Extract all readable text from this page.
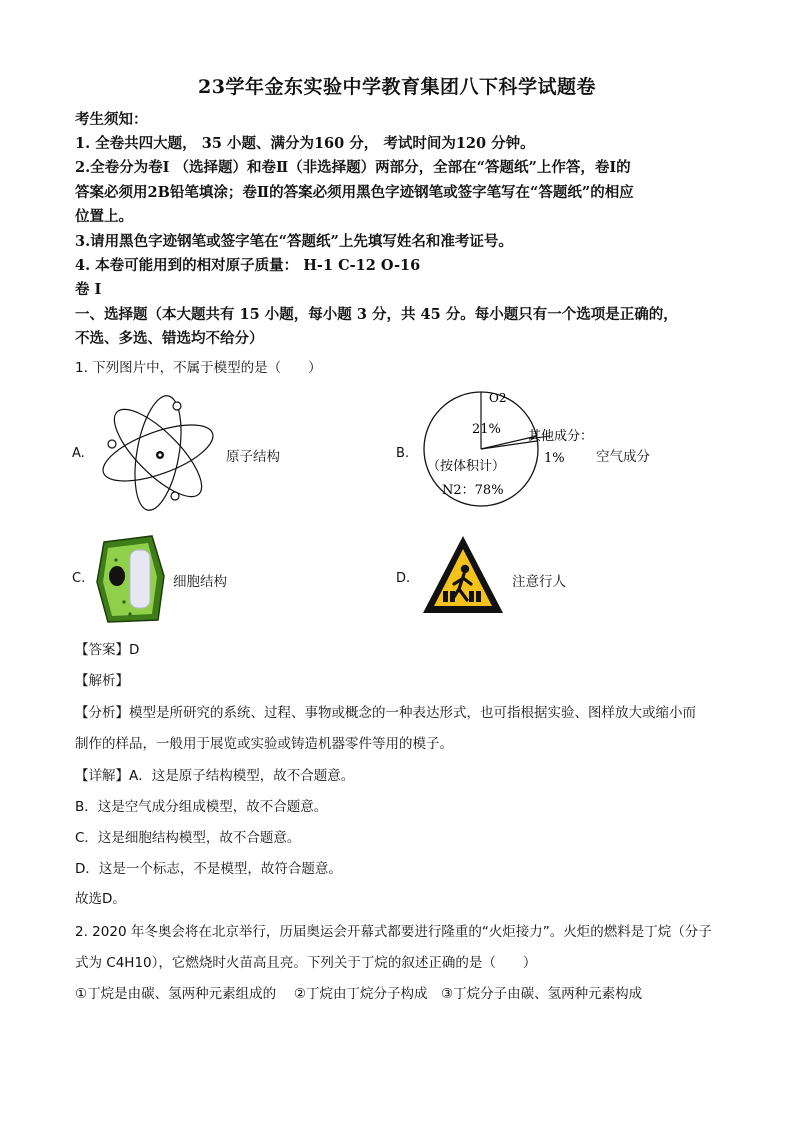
23学年金东实验中学教育集团八下科学试题卷
考生须知：
1. 全卷共四大题， 35 小题、满分为160 分， 考试时间为120 分钟。
2.全卷分为卷Ⅰ （选择题）和卷Ⅱ（非选择题）两部分，全部在“答题纸”上作答，卷Ⅰ的
答案必须用2B铅笔填涂；卷Ⅱ的答案必须用黑色字迹钢笔或签字笔写在“答题纸”的相应
位置上。
3.请用黑色字迹钢笔或签字笔在“答题纸”上先填写姓名和准考证号。
4. 本卷可能用到的相对原子质量： H-1 C-12 O-16
卷 I
一、选择题（本大题共有 15 小题，每小题 3 分，共 45 分。每小题只有一个选项是正确的，
不选、多选、错选均不给分）
1. 下列图片中，不属于模型的是（　　）
A.	原子结构	B.
O2
21% 其他成分：
1%
（按体积计）
N2：78%
空气成分
C.	细胞结构	D.	注意行人
【答案】D
【解析】
【分析】模型是所研究的系统、过程、事物或概念的一种表达形式，也可指根据实验、图样放大或缩小而
制作的样品，一般用于展览或实验或铸造机器零件等用的模子。
【详解】A．这是原子结构模型，故不合题意。
B．这是空气成分组成模型，故不合题意。
C．这是细胞结构模型，故不合题意。
D．这是一个标志，不是模型，故符合题意。
故选D。
2. 2020 年冬奥会将在北京举行，历届奥运会开幕式都要进行隆重的“火炬接力”。火炬的燃料是丁烷（分子
式为 C4H10），它燃烧时火苗高且亮。下列关于丁烷的叙述正确的是（　　）
①丁烷是由碳、氢两种元素组成的　 ②丁烷由丁烷分子构成　③丁烷分子由碳、氢两种元素构成
